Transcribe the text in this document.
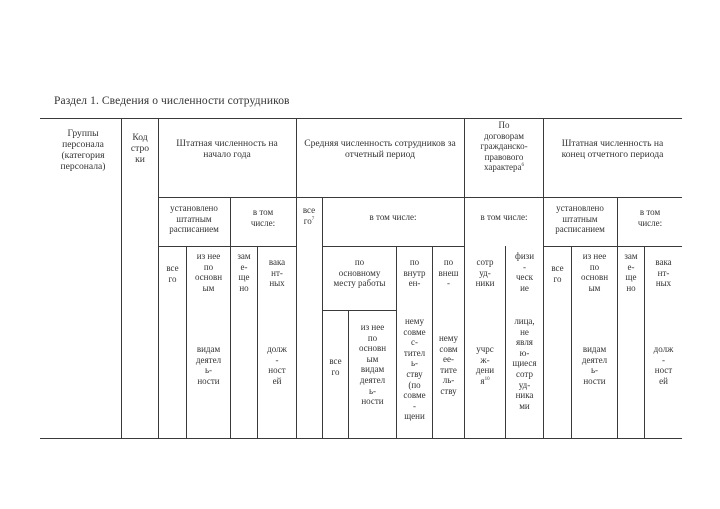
Раздел 1. Сведения о численности сотрудников
Группы
персонала
(категория
персонала)
Код
стро
ки
Штатная численность на
начало года
Средняя численность сотрудников за
отчетный период
По
договорам
гражданско-
правового
характера$^6$
Штатная численность на
конец отчетного периода
установлено
штатным
расписанием
в том
числе:
все
$го^7$	в том числе:	в том числе:
установлено
штатным
расписанием
в том
числе:
все
го
из нее
по
основн
ым
зам
е-
ще
но
вака
нт-
ных
по
основному
месту работы
по
внутр
ен-
по
внеш
-
сотр
уд-
ники
физи
-
ческ
ие
все
го
из нее
по
основн
ым
зам
е-
ще
но
вака
нт-
ных
видам
деятел
ь-
ности
долж
-
ност
ей
все
го
из нее
по
основн
ым
видам
деятел
ь-
ности
нему
совме
с-
тител
ь-
ству
(по
совме
-
щени
нему
совм
ее-
тите
ль-
ству
учрс
ж-
дени
$я^{10}$
лица,
не
явля
ю-
щиеся
сотр
уд-
ника
ми
видам
деятел
ь-
ности
долж
-
ност
ей
